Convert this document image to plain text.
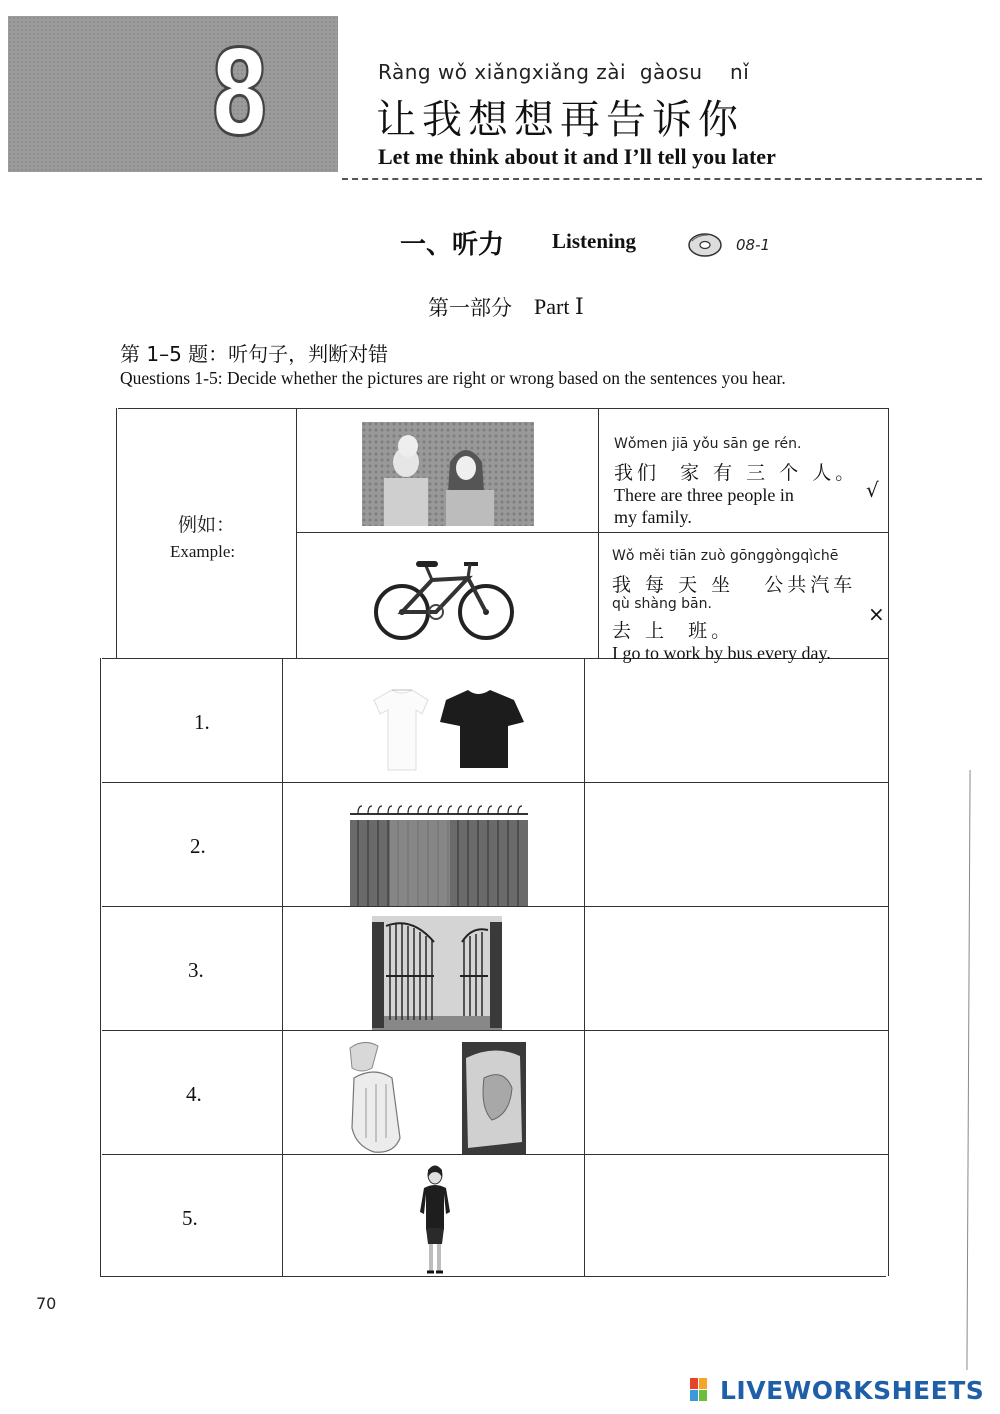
8	Ràng wǒ xiǎngxiǎng zài  gàosu    nǐ
让我想想再告诉你
Let me think about it and I’ll tell you later
一、听力 Listening	08-1
第一部分 Part Ⅰ
第 1–5 题：听句子，判断对错
Questions 1-5: Decide whether the pictures are right or wrong based on the sentences you hear.
例如：
Example:
Wǒmen jiā yǒu sān ge rén.
我们  家 有 三 个 人。
There are three people in
my family.
√
Wǒ měi tiān zuò gōnggòngqìchē
我 每 天 坐   公共汽车
qù shàng bān.
去 上  班。
I go to work by bus every day.
×
1.
2.
3.
4.
5.
70
LIVEWORKSHEETS
